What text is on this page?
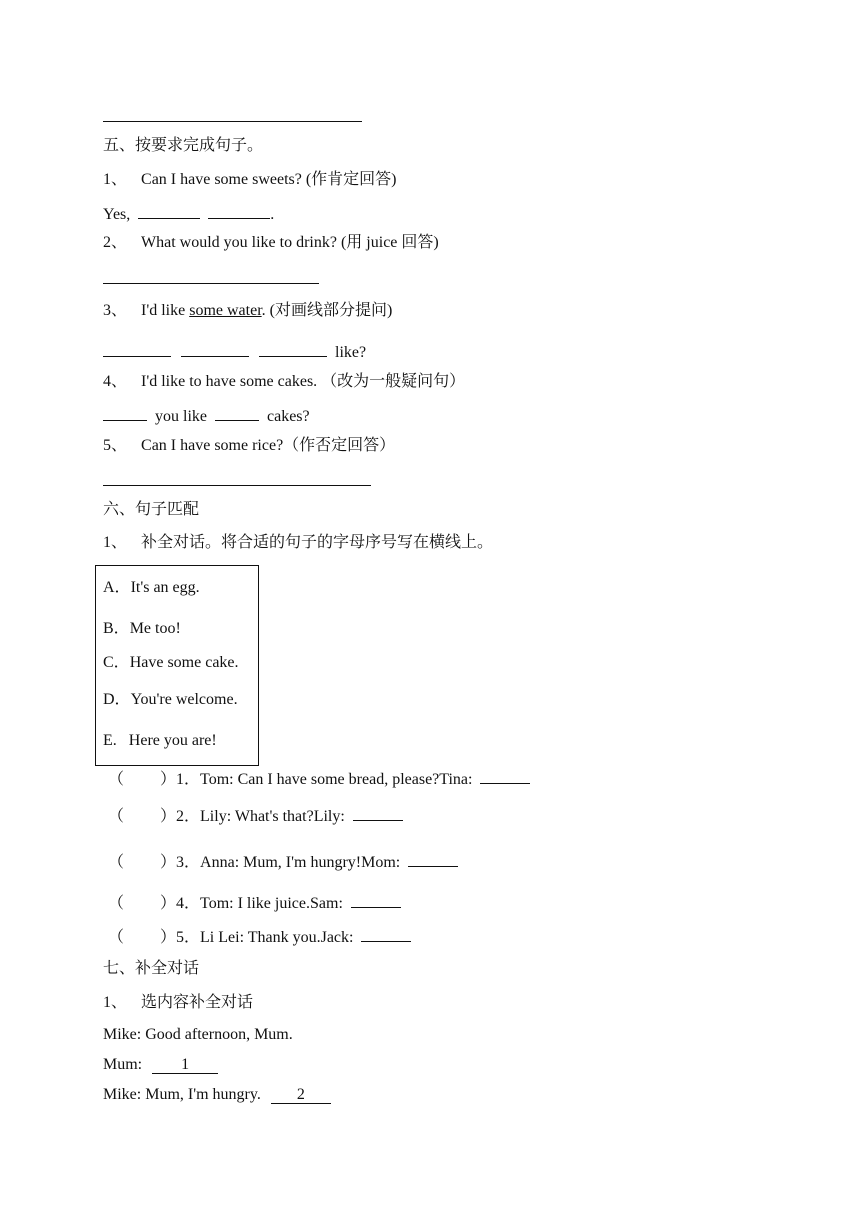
五、按要求完成句子。
1、 Can I have some sweets? (作肯定回答)
Yes,	.
2、 What would you like to drink? (用 juice 回答)
3、 I'd like some water. (对画线部分提问)
like?
4、 I'd like to have some cakes. （改为一般疑问句）
you like	cakes?
5、 Can I have some rice?（作否定回答）
六、句子匹配
1、 补全对话。将合适的句子的字母序号写在横线上。
A．It's an egg.
B．Me too!
C．Have some cake.
D．You're welcome.
E. Here you are!
（ ）1．Tom: Can I have some bread, please?Tina:
（ ）2．Lily: What's that?Lily:
（ ）3．Anna: Mum, I'm hungry!Mom:
（ ）4．Tom: I like juice.Sam:
（ ）5．Li Lei: Thank you.Jack:
七、补全对话
1、 选内容补全对话
Mike: Good afternoon, Mum.
Mum: 1
Mike: Mum, I'm hungry. 2
